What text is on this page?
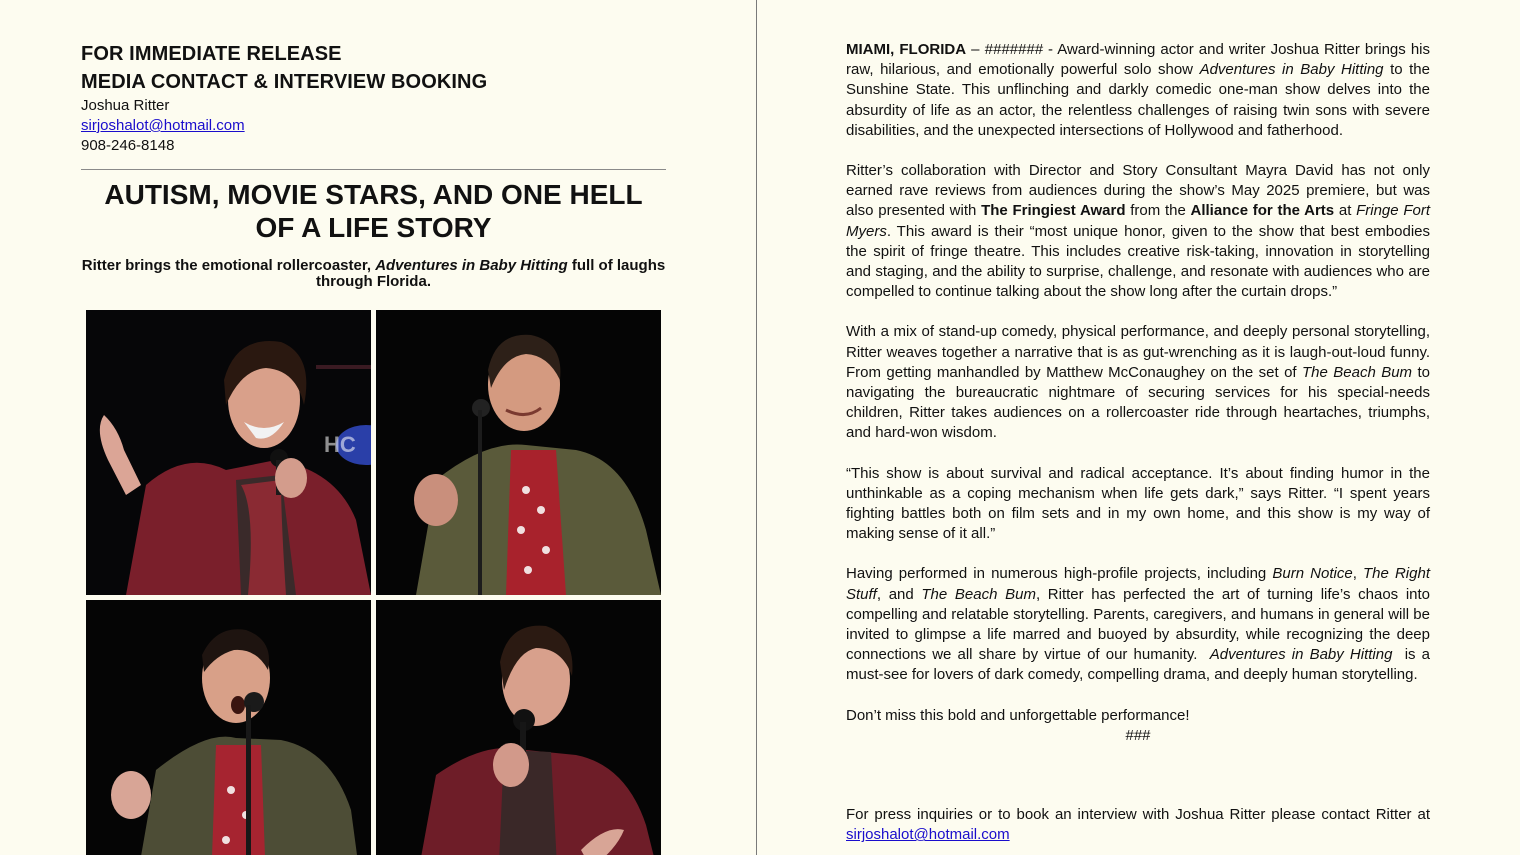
FOR IMMEDIATE RELEASE
MEDIA CONTACT & INTERVIEW BOOKING
Joshua Ritter
sirjoshalot@hotmail.com
908-246-8148
AUTISM, MOVIE STARS, AND ONE HELL
OF A LIFE STORY
Ritter brings the emotional rollercoaster, Adventures in Baby Hitting full of laughs through Florida.
HC

MIAMI, FLORIDA – ####### - Award-winning actor and writer Joshua Ritter brings his raw, hilarious, and emotionally powerful solo show Adventures in Baby Hitting to the Sunshine State. This unflinching and darkly comedic one-man show delves into the absurdity of life as an actor, the relentless challenges of raising twin sons with severe disabilities, and the unexpected intersections of Hollywood and fatherhood.

Ritter’s collaboration with Director and Story Consultant Mayra David has not only earned rave reviews from audiences during the show’s May 2025 premiere, but was also presented with The Fringiest Award from the Alliance for the Arts at Fringe Fort Myers. This award is their “most unique honor, given to the show that best embodies the spirit of fringe theatre. This includes creative risk-taking, innovation in storytelling and staging, and the ability to surprise, challenge, and resonate with audiences who are compelled to continue talking about the show long after the curtain drops.”

With a mix of stand-up comedy, physical performance, and deeply personal storytelling, Ritter weaves together a narrative that is as gut-wrenching as it is laugh-out-loud funny. From getting manhandled by Matthew McConaughey on the set of The Beach Bum to navigating the bureaucratic nightmare of securing services for his special-needs children, Ritter takes audiences on a rollercoaster ride through heartaches, triumphs, and hard-won wisdom.

“This show is about survival and radical acceptance. It’s about finding humor in the unthinkable as a coping mechanism when life gets dark,” says Ritter. “I spent years fighting battles both on film sets and in my own home, and this show is my way of making sense of it all.”

Having performed in numerous high-profile projects, including Burn Notice, The Right Stuff, and The Beach Bum, Ritter has perfected the art of turning life’s chaos into compelling and relatable storytelling. Parents, caregivers, and humans in general will be invited to glimpse a life marred and buoyed by absurdity, while recognizing the deep connections we all share by virtue of our humanity.  Adventures in Baby Hitting  is a must-see for lovers of dark comedy, compelling drama, and deeply human storytelling.

Don’t miss this bold and unforgettable performance!

###

For press inquiries or to book an interview with Joshua Ritter please contact Ritter at sirjoshalot@hotmail.com
